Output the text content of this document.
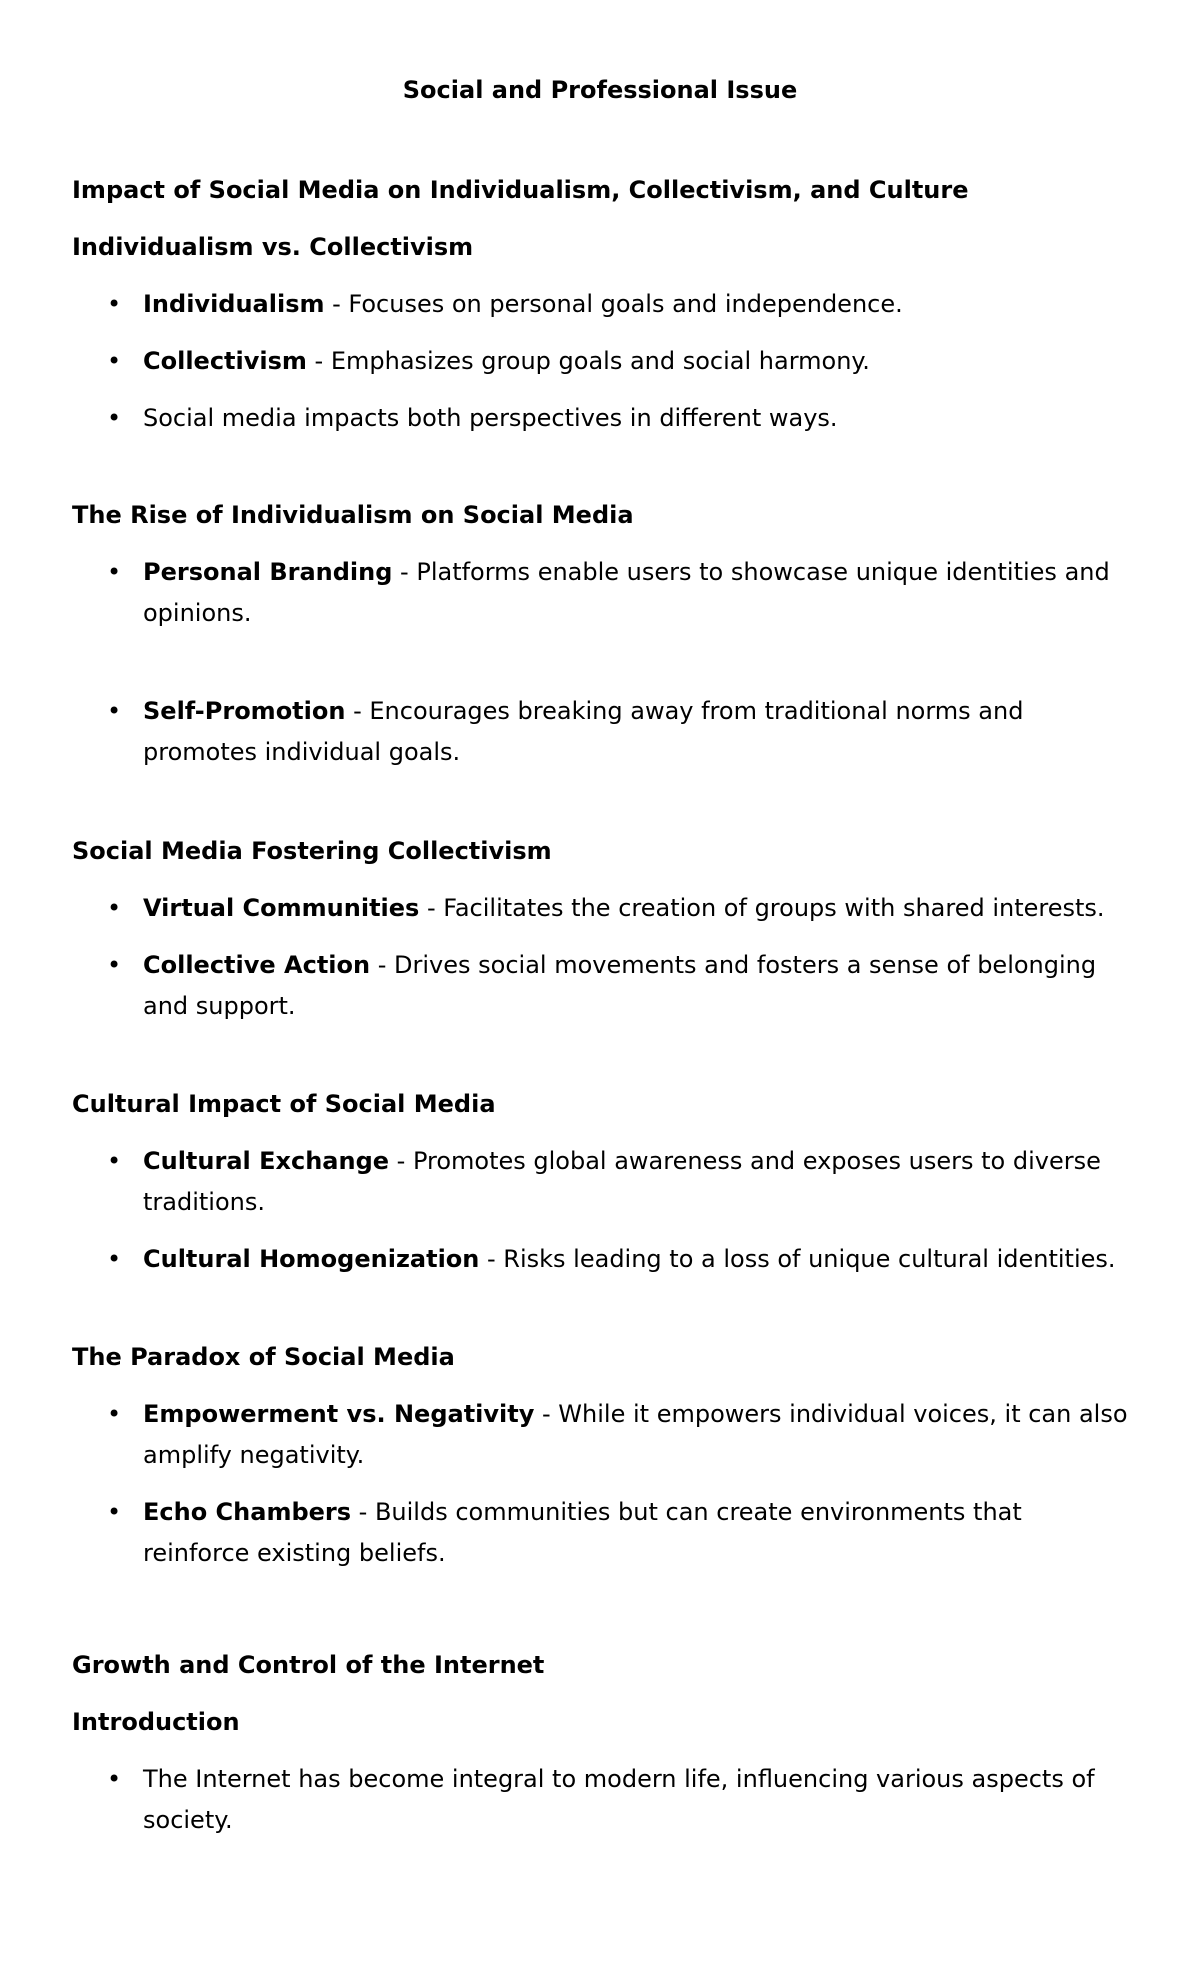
Social and Professional Issue
Impact of Social Media on Individualism, Collectivism, and Culture
Individualism vs. Collectivism
• Individualism - Focuses on personal goals and independence.
• Collectivism - Emphasizes group goals and social harmony.
• Social media impacts both perspectives in different ways.
The Rise of Individualism on Social Media
• Personal Branding - Platforms enable users to showcase unique identities and opinions.
• Self-Promotion - Encourages breaking away from traditional norms and promotes individual goals.
Social Media Fostering Collectivism
• Virtual Communities - Facilitates the creation of groups with shared interests.
• Collective Action - Drives social movements and fosters a sense of belonging and support.
Cultural Impact of Social Media
• Cultural Exchange - Promotes global awareness and exposes users to diverse traditions.
• Cultural Homogenization - Risks leading to a loss of unique cultural identities.
The Paradox of Social Media
• Empowerment vs. Negativity - While it empowers individual voices, it can also amplify negativity.
• Echo Chambers - Builds communities but can create environments that reinforce existing beliefs.
Growth and Control of the Internet
Introduction
• The Internet has become integral to modern life, influencing various aspects of society.
